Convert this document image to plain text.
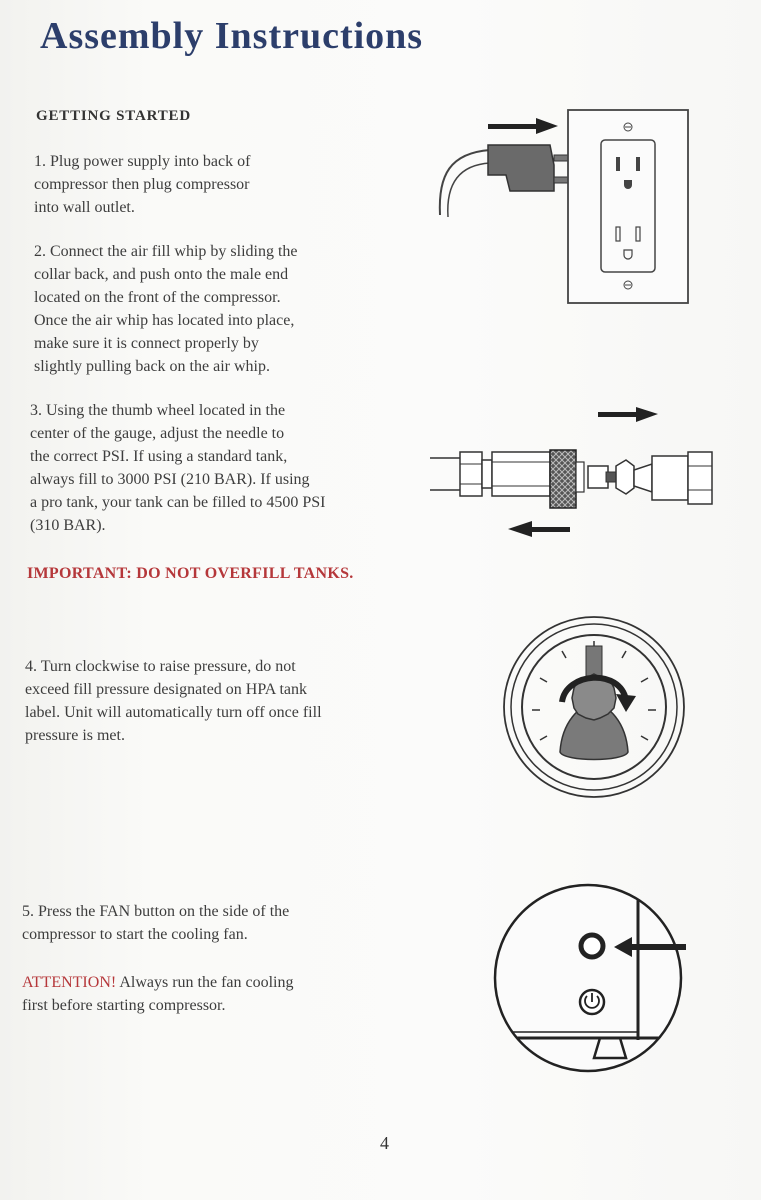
Assembly Instructions
GETTING STARTED
1. Plug power supply into back of
compressor then plug compressor
into wall outlet.
2. Connect the air fill whip by sliding the
collar back, and push onto the male end
located on the front of the compressor.
Once the air whip has located into place,
make sure it is connect properly by
slightly pulling back on the air whip.
3. Using the thumb wheel located in the
center of the gauge, adjust the needle to
the correct PSI. If using a standard tank,
always fill to 3000 PSI (210 BAR). If using
a pro tank, your tank can be filled to 4500 PSI
(310 BAR).
IMPORTANT: DO NOT OVERFILL TANKS.
4. Turn clockwise to raise pressure, do not
exceed fill pressure designated on HPA tank
label. Unit will automatically turn off once fill
pressure is met.
5. Press the FAN button on the side of the
compressor to start the cooling fan.
ATTENTION! Always run the fan cooling
first before starting compressor.
4
